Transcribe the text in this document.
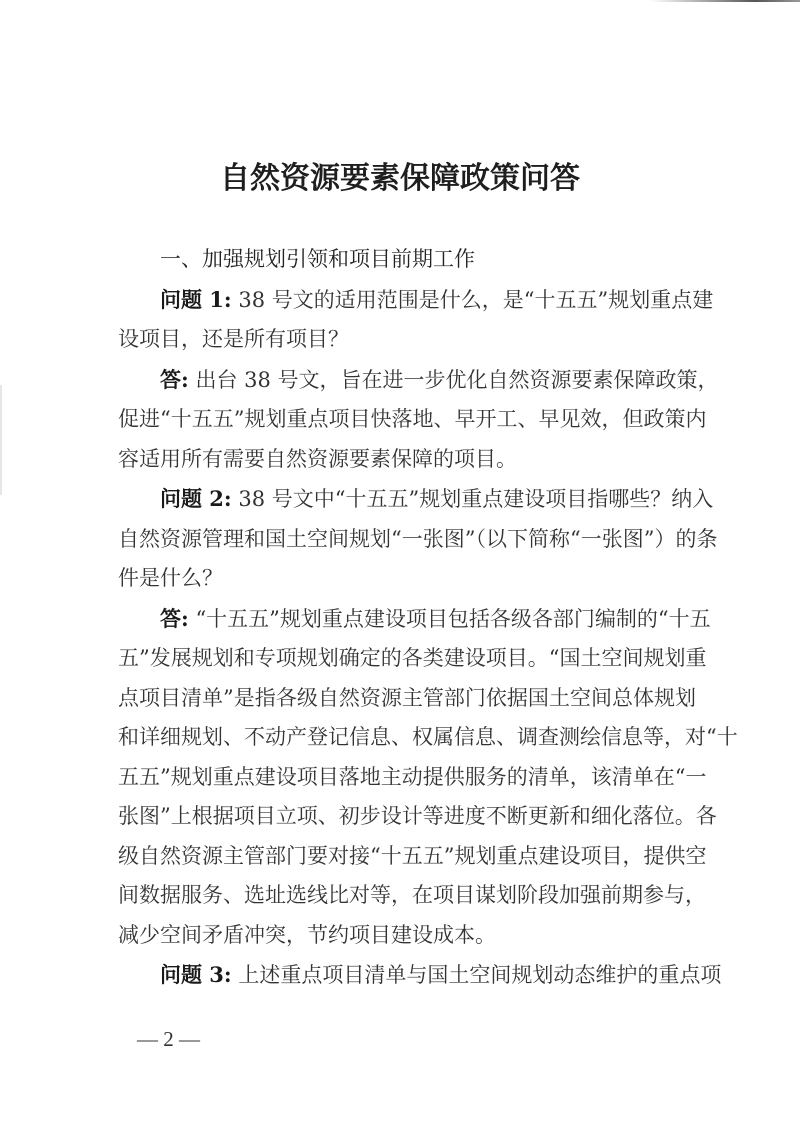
自然资源要素保障政策问答
一、加强规划引领和项目前期工作

问题 1: 38 号文的适用范围是什么，是“十五五”规划重点建
设项目，还是所有项目？

答: 出台 38 号文，旨在进一步优化自然资源要素保障政策，
促进“十五五”规划重点项目快落地、早开工、早见效，但政策内
容适用所有需要自然资源要素保障的项目。

问题 2: 38 号文中“十五五”规划重点建设项目指哪些？纳入
自然资源管理和国土空间规划“一张图”（以下简称“一张图”）的条
件是什么？

答: “十五五”规划重点建设项目包括各级各部门编制的“十五
五”发展规划和专项规划确定的各类建设项目。“国土空间规划重
点项目清单”是指各级自然资源主管部门依据国土空间总体规划
和详细规划、不动产登记信息、权属信息、调查测绘信息等，对“十
五五”规划重点建设项目落地主动提供服务的清单，该清单在“一
张图”上根据项目立项、初步设计等进度不断更新和细化落位。各
级自然资源主管部门要对接“十五五”规划重点建设项目，提供空
间数据服务、选址选线比对等，在项目谋划阶段加强前期参与，
减少空间矛盾冲突，节约项目建设成本。

问题 3: 上述重点项目清单与国土空间规划动态维护的重点项

— 2 —
